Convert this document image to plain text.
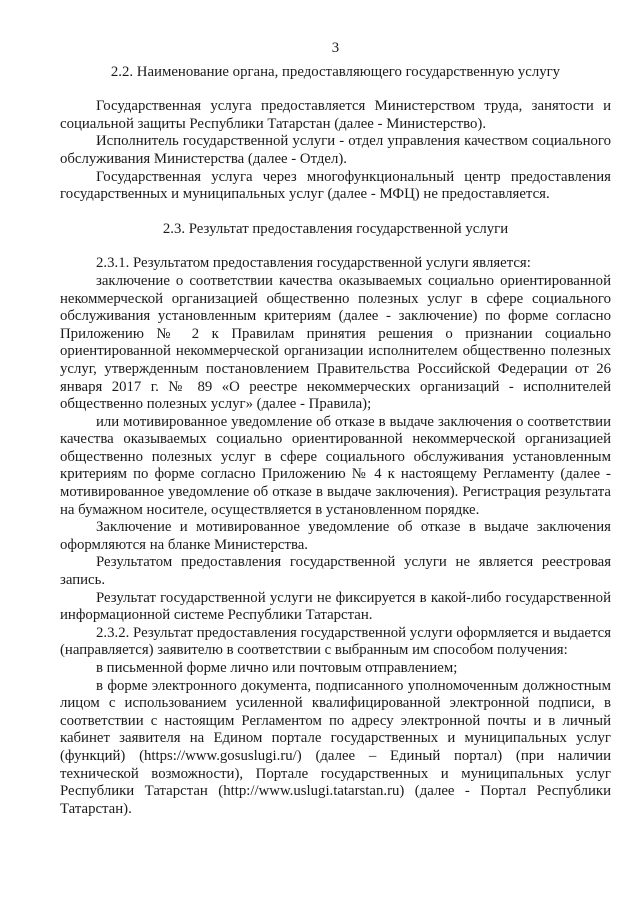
3
2.2. Наименование органа, предоставляющего государственную услугу

Государственная услуга предоставляется Министерством труда, занятости и социальной защиты Республики Татарстан (далее - Министерство).

Исполнитель государственной услуги - отдел управления качеством социального обслуживания Министерства (далее - Отдел).

Государственная услуга через многофункциональный центр предоставления государственных и муниципальных услуг (далее - МФЦ) не предоставляется.

2.3. Результат предоставления государственной услуги

2.3.1. Результатом предоставления государственной услуги является:

заключение о соответствии качества оказываемых социально ориентированной некоммерческой организацией общественно полезных услуг в сфере социального обслуживания установленным критериям (далее - заключение) по форме согласно Приложению № 2 к Правилам принятия решения о признании социально ориентированной некоммерческой организации исполнителем общественно полезных услуг, утвержденным постановлением Правительства Российской Федерации от 26 января 2017 г. № 89 «О реестре некоммерческих организаций - исполнителей общественно полезных услуг» (далее - Правила);

или мотивированное уведомление об отказе в выдаче заключения о соответствии качества оказываемых социально ориентированной некоммерческой организацией общественно полезных услуг в сфере социального обслуживания установленным критериям по форме согласно Приложению № 4 к настоящему Регламенту (далее - мотивированное уведомление об отказе в выдаче заключения). Регистрация результата на бумажном носителе, осуществляется в установленном порядке.

Заключение и мотивированное уведомление об отказе в выдаче заключения оформляются на бланке Министерства.

Результатом предоставления государственной услуги не является реестровая запись.

Результат государственной услуги не фиксируется в какой-либо государственной информационной системе Республики Татарстан.

2.3.2. Результат предоставления государственной услуги оформляется и выдается (направляется) заявителю в соответствии с выбранным им способом получения:

в письменной форме лично или почтовым отправлением;

в форме электронного документа, подписанного уполномоченным должностным лицом с использованием усиленной квалифицированной электронной подписи, в соответствии с настоящим Регламентом по адресу электронной почты и в личный кабинет заявителя на Едином портале государственных и муниципальных услуг (функций) (https://www.gosuslugi.ru/) (далее – Единый портал) (при наличии технической возможности), Портале государственных и муниципальных услуг Республики Татарстан (http://www.uslugi.tatarstan.ru) (далее - Портал Республики Татарстан).
